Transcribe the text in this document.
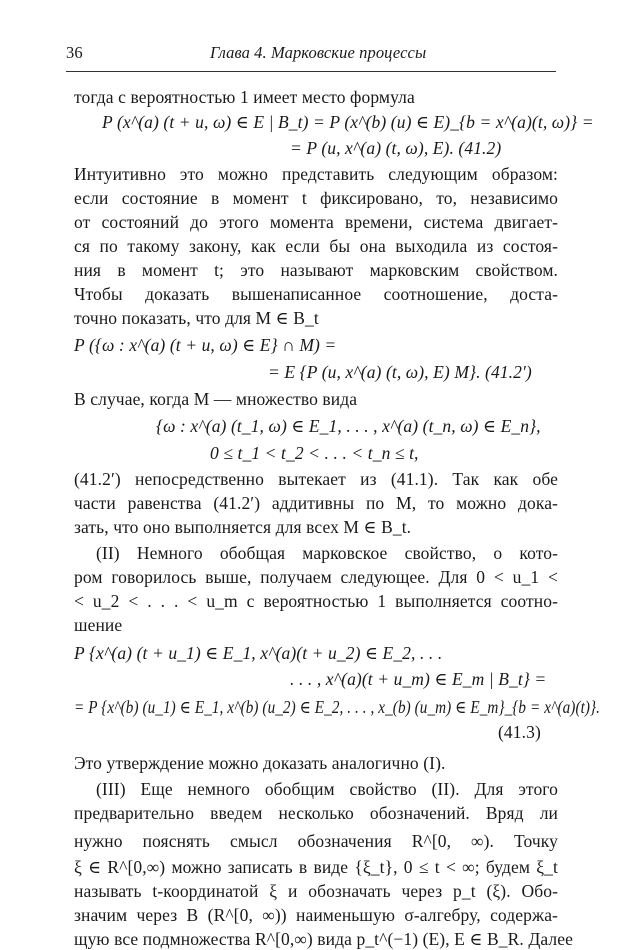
36	Глава 4. Марковские процессы
тогда с вероятностью 1 имеет место формула
P (x^(a) (t + u, ω) ∈ E | B_t) = P (x^(b) (u) ∈ E)_{b = x^(a)(t, ω)} =
= P (u, x^(a) (t, ω), E). (41.2)
Интуитивно это можно представить следующим образом:
если состояние в момент t фиксировано, то, независимо
от состояний до этого момента времени, система двигает-
ся по такому закону, как если бы она выходила из состоя-
ния в момент t; это называют марковским свойством.
Чтобы доказать вышенаписанное соотношение, доста-
точно показать, что для M ∈ B_t
P ({ω : x^(a) (t + u, ω) ∈ E} ∩ M) =
= E {P (u, x^(a) (t, ω), E) M}. (41.2′)
В случае, когда M — множество вида
{ω : x^(a) (t_1, ω) ∈ E_1, . . . , x^(a) (t_n, ω) ∈ E_n},
0 ≤ t_1 < t_2 < . . . < t_n ≤ t,
(41.2′) непосредственно вытекает из (41.1). Так как обе
части равенства (41.2′) аддитивны по M, то можно дока-
зать, что оно выполняется для всех M ∈ B_t.
(II) Немного обобщая марковское свойство, о кото-
ром говорилось выше, получаем следующее. Для 0 < u_1 <
< u_2 < . . . < u_m с вероятностью 1 выполняется соотно-
шение
P {x^(a) (t + u_1) ∈ E_1, x^(a)(t + u_2) ∈ E_2, . . .
. . . , x^(a)(t + u_m) ∈ E_m | B_t} =
= P {x^(b) (u_1) ∈ E_1, x^(b) (u_2) ∈ E_2, . . . , x_(b) (u_m) ∈ E_m}_{b = x^(a)(t)}.
(41.3)
Это утверждение можно доказать аналогично (I).
(III) Еще немного обобщим свойство (II). Для этого
предварительно введем несколько обозначений. Вряд ли
нужно пояснять смысл обозначения R^[0, ∞). Точку
ξ ∈ R^[0,∞) можно записать в виде {ξ_t}, 0 ≤ t < ∞; будем ξ_t
называть t-координатой ξ и обозначать через p_t (ξ). Обо-
значим через B (R^[0, ∞)) наименьшую σ-алгебру, содержа-
щую все подмножества R^[0,∞) вида p_t^(−1) (E), E ∈ B_R. Далее
